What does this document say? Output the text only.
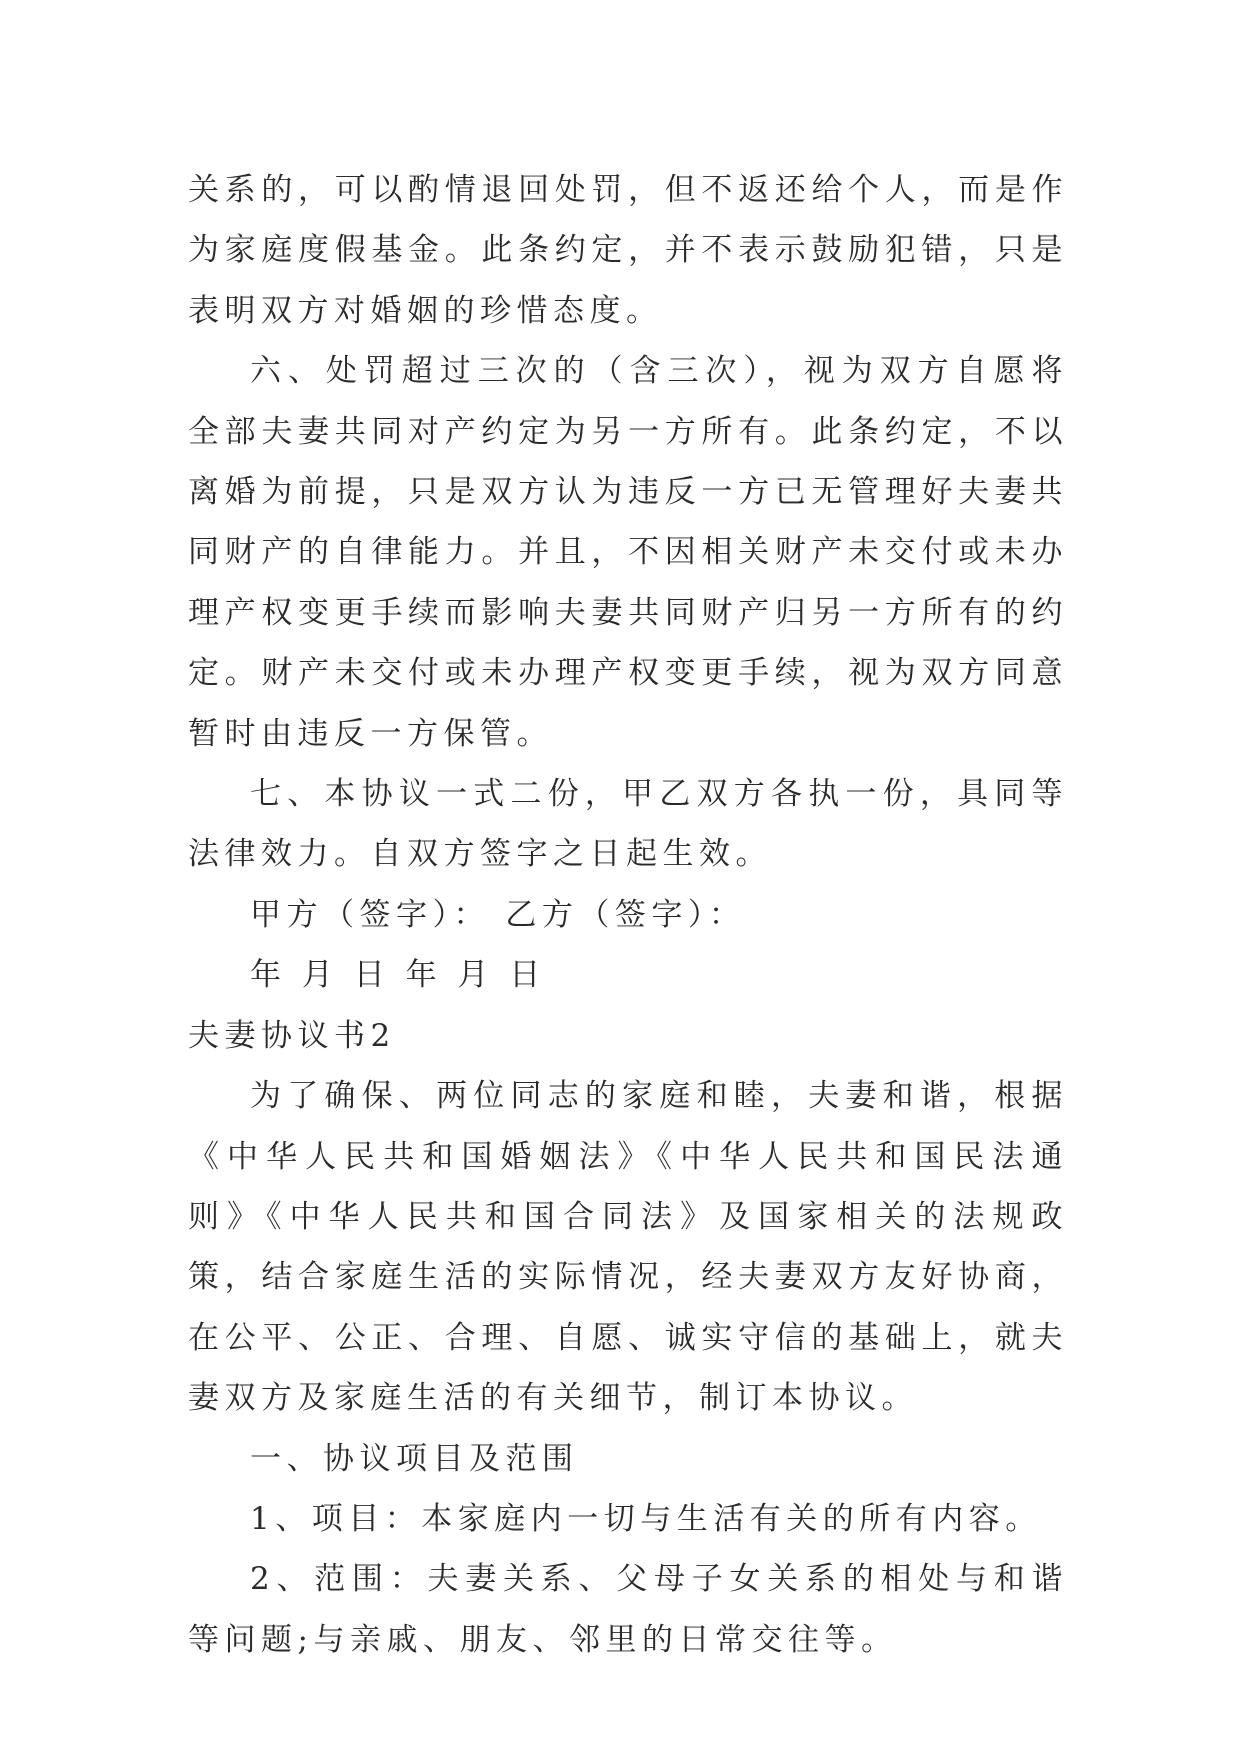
关系的，可以酌情退回处罚，但不返还给个人，而是作为家庭度假基金。此条约定，并不表示鼓励犯错，只是表明双方对婚姻的珍惜态度。

六、处罚超过三次的（含三次），视为双方自愿将全部夫妻共同对产约定为另一方所有。此条约定，不以离婚为前提，只是双方认为违反一方已无管理好夫妻共同财产的自律能力。并且，不因相关财产未交付或未办理产权变更手续而影响夫妻共同财产归另一方所有的约定。财产未交付或未办理产权变更手续，视为双方同意暂时由违反一方保管。

七、本协议一式二份，甲乙双方各执一份，具同等法律效力。自双方签字之日起生效。

甲方（签字）： 乙方（签字）：

年 月 日 年 月 日

夫妻协议书2

为了确保、两位同志的家庭和睦，夫妻和谐，根据《中华人民共和国婚姻法》《中华人民共和国民法通则》《中华人民共和国合同法》及国家相关的法规政策，结合家庭生活的实际情况，经夫妻双方友好协商，在公平、公正、合理、自愿、诚实守信的基础上，就夫妻双方及家庭生活的有关细节，制订本协议。

一、协议项目及范围

1、项目：本家庭内一切与生活有关的所有内容。

2、范围：夫妻关系、父母子女关系的相处与和谐等问题;与亲戚、朋友、邻里的日常交往等。
